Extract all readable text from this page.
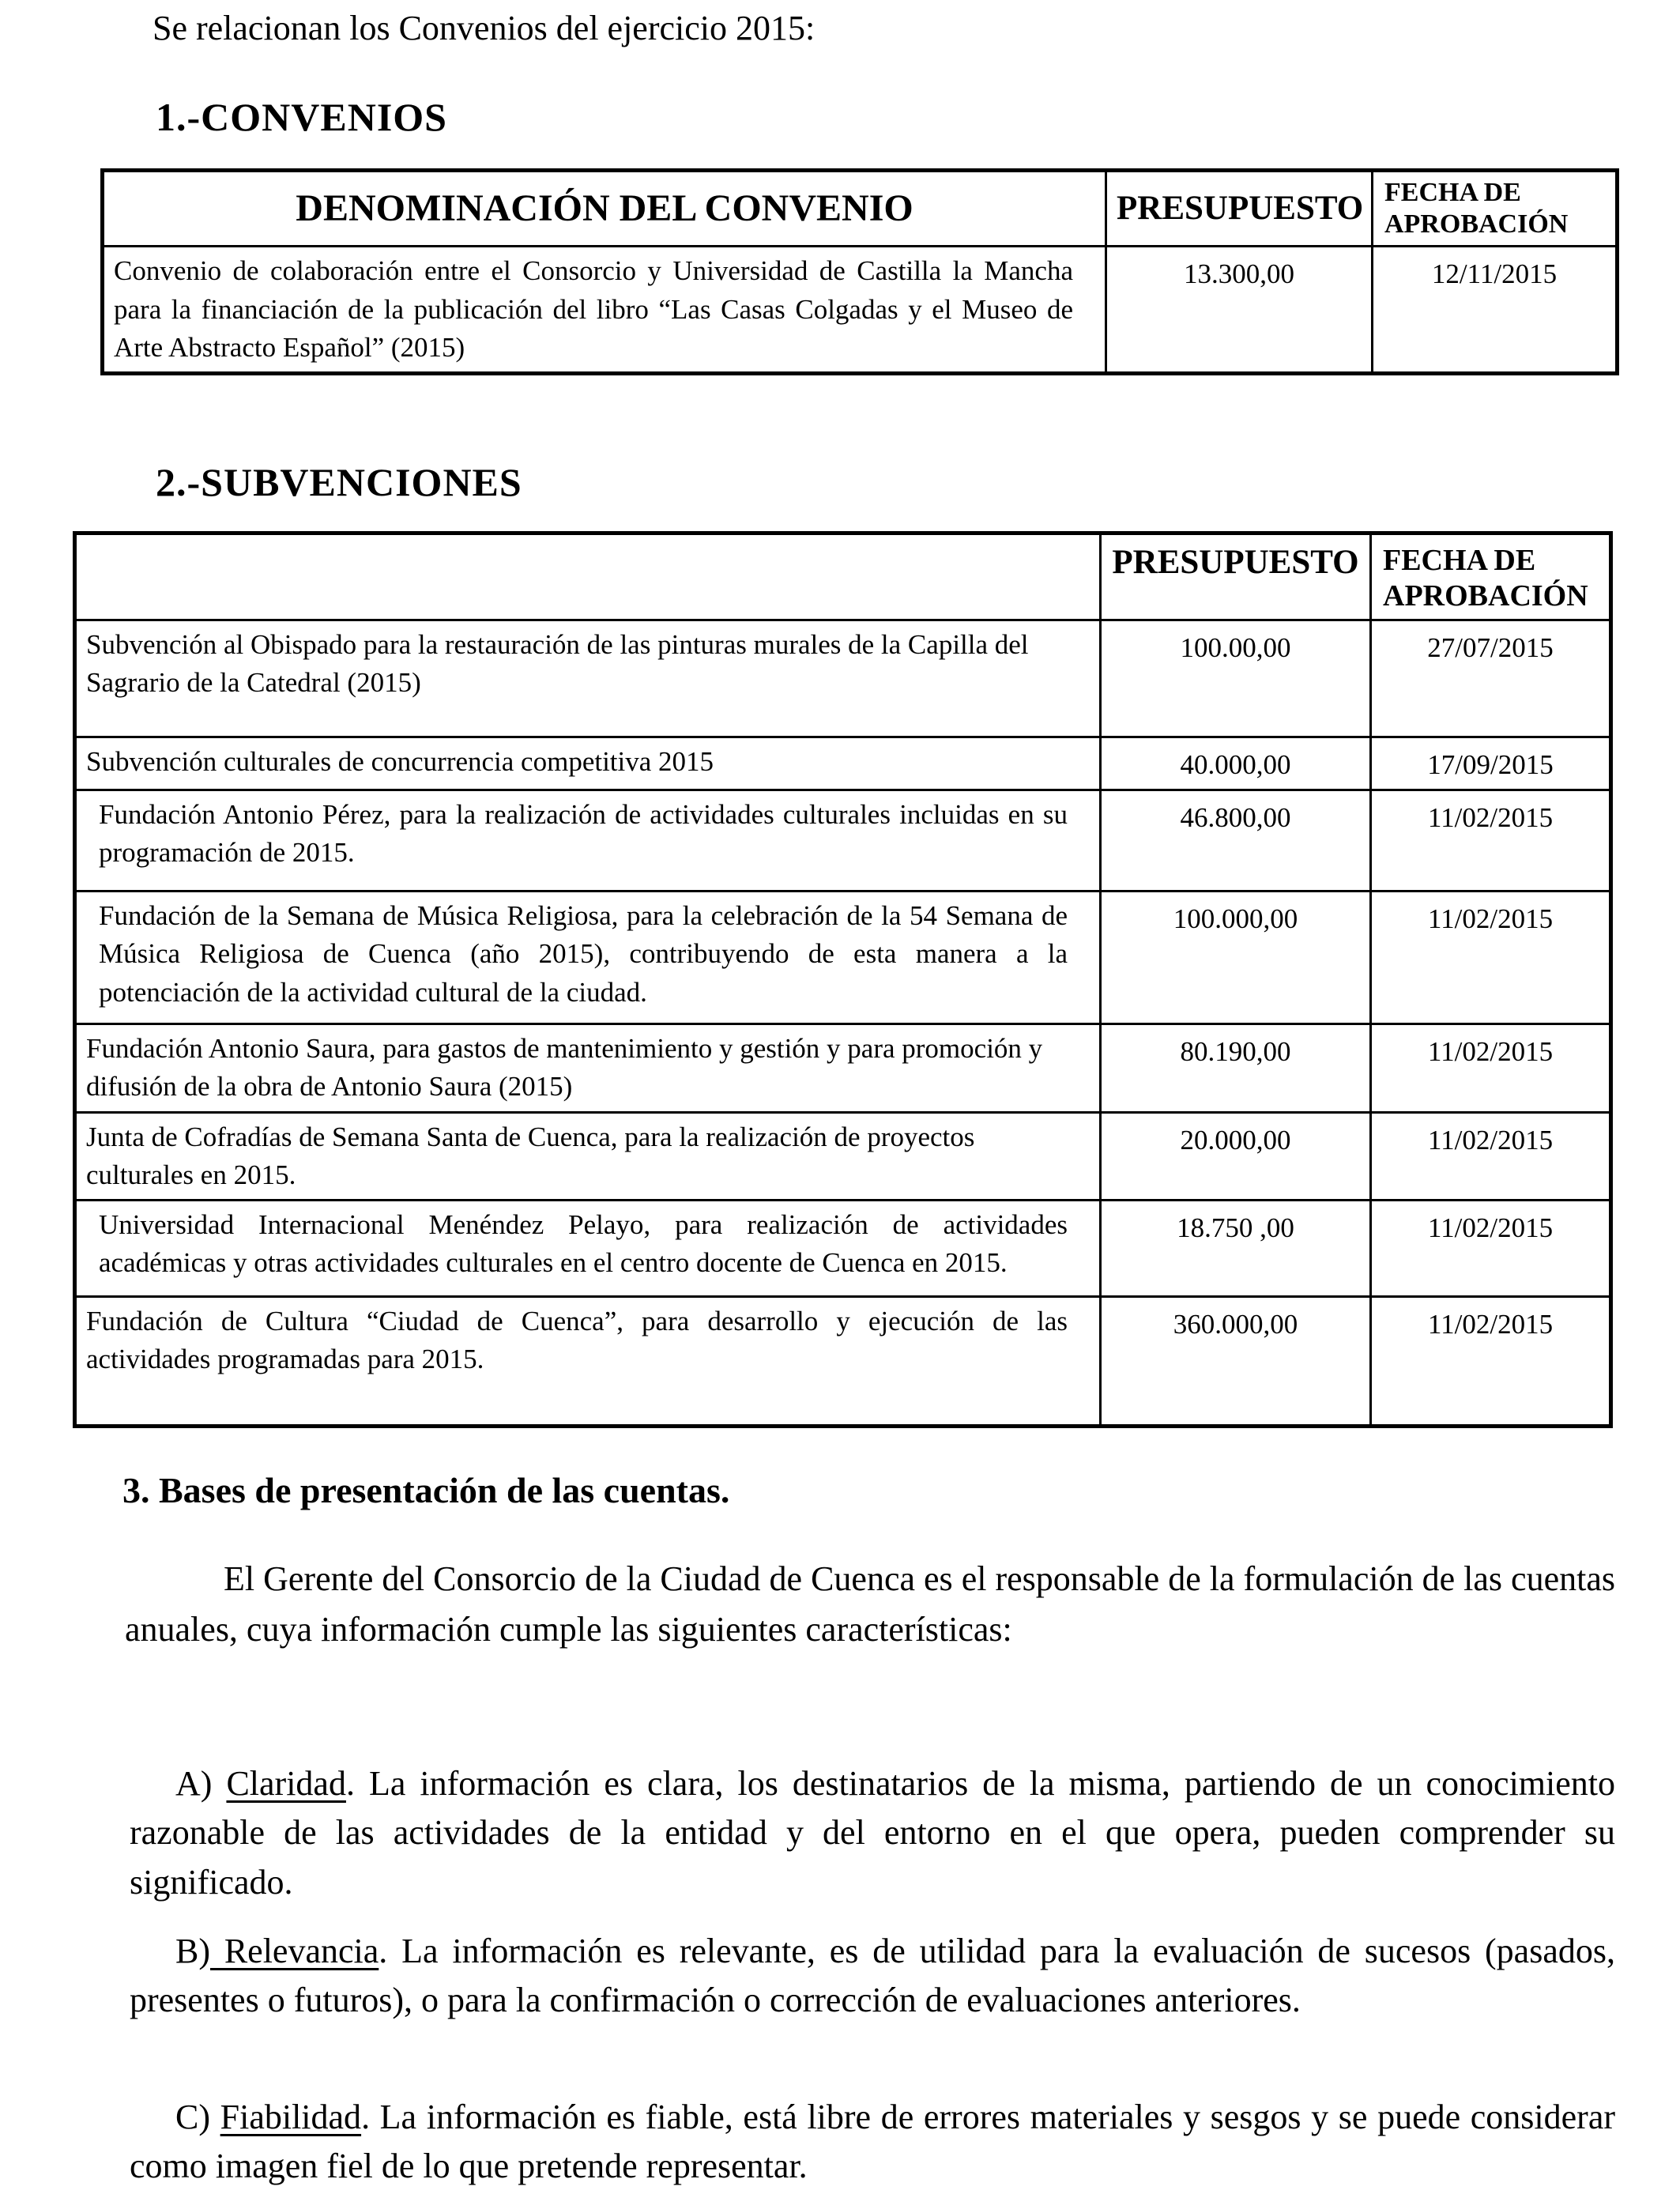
Se relacionan los Convenios del ejercicio 2015:
1.-CONVENIOS
DENOMINACIÓN DEL CONVENIO	PRESUPUESTO	FECHA DE APROBACIÓN
Convenio de colaboración entre el Consorcio y Universidad de Castilla la Mancha para la financiación de la publicación del libro “Las Casas Colgadas y el Museo de Arte Abstracto Español” (2015)	13.300,00	12/11/2015
2.-SUBVENCIONES
	PRESUPUESTO	FECHA DE APROBACIÓN
Subvención al Obispado para la restauración de las pinturas murales de la Capilla del Sagrario de la Catedral (2015)	100.00,00	27/07/2015
Subvención culturales de concurrencia competitiva 2015	40.000,00	17/09/2015
Fundación Antonio Pérez, para la realización de actividades culturales incluidas en su programación de 2015.	46.800,00	11/02/2015
Fundación de la Semana de Música Religiosa, para la celebración de la 54 Semana de Música Religiosa de Cuenca (año 2015), contribuyendo de esta manera a la potenciación de la actividad cultural de la ciudad.	100.000,00	11/02/2015
Fundación Antonio Saura, para gastos de mantenimiento y gestión y para promoción y difusión de la obra de Antonio Saura (2015)	80.190,00	11/02/2015
Junta de Cofradías de Semana Santa de Cuenca, para la realización de proyectos culturales en 2015.	20.000,00	11/02/2015
Universidad Internacional Menéndez Pelayo, para realización de actividades académicas y otras actividades culturales en el centro docente de Cuenca en 2015.	18.750 ,00	11/02/2015
Fundación de Cultura “Ciudad de Cuenca”, para desarrollo y ejecución de las actividades programadas para 2015.	360.000,00	11/02/2015
3. Bases de presentación de las cuentas.
El Gerente del Consorcio de la Ciudad de Cuenca es el responsable de la formulación de las cuentas anuales, cuya información cumple las siguientes características:
A) Claridad. La información es clara, los destinatarios de la misma, partiendo de un conocimiento razonable de las actividades de la entidad y del entorno en el que opera, pueden comprender su significado.
B) Relevancia. La información es relevante, es de utilidad para la evaluación de sucesos (pasados, presentes o futuros), o para la confirmación o corrección de evaluaciones anteriores.
C) Fiabilidad. La información es fiable, está libre de errores materiales y sesgos y se puede considerar como imagen fiel de lo que pretende representar.
